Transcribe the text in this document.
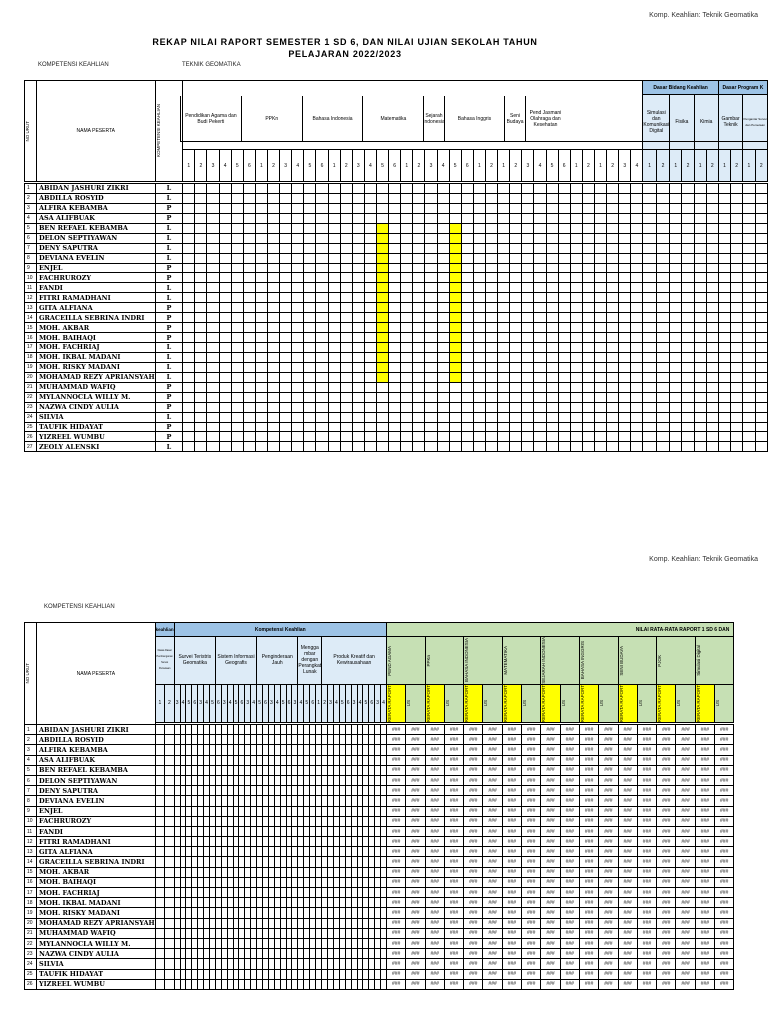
Komp. Keahlian: Teknik Geomatika
REKAP NILAI RAPORT SEMESTER 1 SD 6, DAN NILAI UJIAN SEKOLAH TAHUN PELAJARAN 2022/2023
KOMPETENSI KEAHLIAN	TEKNIK GEOMATIKA
NO URUT	NAMA PESERTA	KOMPETENSI KEAHLIAN																																							Dasar Bidang Keahlian						Dasar Program K			
																																									Simulasi dan Komunikasi Digital		Fisika		Kimia		Gambar Teknik		Pengantar Survei dan Pemetaan	
			1	2	3	4	5	6	1	2	3	4	5	6	1	2	3	4	5	6	1	2	3	4	5	6	1	2	1	2	3	4	5	6	1	2	1	2	3	4	1	2	1	2	1	2	1	2	1	2

1	ABIDAN JASHURI ZIKRI	L																																																
2	ABDILLA ROSYID	L																																																
3	ALFIRA KEBAMBA	P																																																
4	ASA ALIFBUAK	P																																																
5	BEN REFAEL KEBAMBA	L																																																
6	DELON SEPTIYAWAN	L																																																
7	DENY SAPUTRA	L																																																
8	DEVIANA EVELIN	L																																																
9	ENJEL	P																																																
10	FACHRUROZY	P																																																
11	FANDI	L																																																
12	FITRI RAMADHANI	L																																																
13	GITA ALFIANA	P																																																
14	GRACEILLA SEBRINA INDRI	P																																																
15	MOH. AKBAR	P																																																
16	MOH. BAIHAQI	P																																																
17	MOH. FACHRIAJ	L																																																
18	MOH. IKBAL MADANI	L																																																
19	MOH. RISKY MADANI	L																																																
20	MOHAMAD REZY APRIANSYAH	L																																																
21	MUHAMMAD WAFIQ	P																																																
22	MYLANNOCLA WILLY M.	P																																																
23	NAZWA CINDY AULIA	P																																																
24	SILVIA	L																																																
25	TAUFIK HIDAYAT	P																																																
26	YIZREEL WUMBU	P																																																
27	ZEOLY ALENSKI	L																																																
Pendidikan Agama dan Budi Pekerti	PPKn	Bahasa Indonesia	Matematika	Sejarah Indonesia	Bahasa Inggris	Seni Budaya
Pend Jasmani Olahraga dan Kesehatan
Komp. Keahlian: Teknik Geomatika
KOMPETENSI KEAHLIAN
NO URUT	NAMA PESERTA	keahlian		Kompetensi Keahlian																																				NILAI RATA-RATA RAPORT 1 SD 6 DAN																	
		Dasar-Dasar Pembangunan Survei Pemetaan		Survei Teristris Geomatika							Sistem Informasi Geografis							Penginderaan Jauh							Mengga mbar dengan Perangkat Lunak				Produk Kreatif dan Kewirausahaan											PEND AGAMA		PPKn		BAHASA INDONESIA		MATEMATIKA		SEJARAH INDONESIA		BAHASA INGGRIS		SENI BUDAYA		PJOK		Simulasi Digital	

		1	2	3	4	5	6	3	4	5	6	3	4	5	6	3	4	5	6	3	4	5	6	3	4	5	6	1	2	3	4	5	6	3	4	5	6	3	4	RERATA RAPORT	US	RERATA RAPORT	US	RERATA RAPORT	US	RERATA RAPORT	US	RERATA RAPORT	US	RERATA RAPORT	US	RERATA RAPORT	US	RERATA RAPORT	US	RERATA RAPORT	US

1	ABIDAN JASHURI ZIKRI																																							###	###	###	###	###	###	###	###	###	###	###	###	###	###	###	###	###	###
2	ABDILLA ROSYID																																							###	###	###	###	###	###	###	###	###	###	###	###	###	###	###	###	###	###
3	ALFIRA KEBAMBA																																							###	###	###	###	###	###	###	###	###	###	###	###	###	###	###	###	###	###
4	ASA ALIFBUAK																																							###	###	###	###	###	###	###	###	###	###	###	###	###	###	###	###	###	###
5	BEN REFAEL KEBAMBA																																							###	###	###	###	###	###	###	###	###	###	###	###	###	###	###	###	###	###
6	DELON SEPTIYAWAN																																							###	###	###	###	###	###	###	###	###	###	###	###	###	###	###	###	###	###
7	DENY SAPUTRA																																							###	###	###	###	###	###	###	###	###	###	###	###	###	###	###	###	###	###
8	DEVIANA EVELIN																																							###	###	###	###	###	###	###	###	###	###	###	###	###	###	###	###	###	###
9	ENJEL																																							###	###	###	###	###	###	###	###	###	###	###	###	###	###	###	###	###	###
10	FACHRUROZY																																							###	###	###	###	###	###	###	###	###	###	###	###	###	###	###	###	###	###
11	FANDI																																							###	###	###	###	###	###	###	###	###	###	###	###	###	###	###	###	###	###
12	FITRI RAMADHANI																																							###	###	###	###	###	###	###	###	###	###	###	###	###	###	###	###	###	###
13	GITA ALFIANA																																							###	###	###	###	###	###	###	###	###	###	###	###	###	###	###	###	###	###
14	GRACEILLA SEBRINA INDRI																																							###	###	###	###	###	###	###	###	###	###	###	###	###	###	###	###	###	###
15	MOH. AKBAR																																							###	###	###	###	###	###	###	###	###	###	###	###	###	###	###	###	###	###
16	MOH. BAIHAQI																																							###	###	###	###	###	###	###	###	###	###	###	###	###	###	###	###	###	###
17	MOH. FACHRIAJ																																							###	###	###	###	###	###	###	###	###	###	###	###	###	###	###	###	###	###
18	MOH. IKBAL MADANI																																							###	###	###	###	###	###	###	###	###	###	###	###	###	###	###	###	###	###
19	MOH. RISKY MADANI																																							###	###	###	###	###	###	###	###	###	###	###	###	###	###	###	###	###	###
20	MOHAMAD REZY APRIANSYAH																																							###	###	###	###	###	###	###	###	###	###	###	###	###	###	###	###	###	###
21	MUHAMMAD WAFIQ																																							###	###	###	###	###	###	###	###	###	###	###	###	###	###	###	###	###	###
22	MYLANNOCLA WILLY M.																																							###	###	###	###	###	###	###	###	###	###	###	###	###	###	###	###	###	###
23	NAZWA CINDY AULIA																																							###	###	###	###	###	###	###	###	###	###	###	###	###	###	###	###	###	###
24	SILVIA																																							###	###	###	###	###	###	###	###	###	###	###	###	###	###	###	###	###	###
25	TAUFIK HIDAYAT																																							###	###	###	###	###	###	###	###	###	###	###	###	###	###	###	###	###	###
26	YIZREEL WUMBU																																							###	###	###	###	###	###	###	###	###	###	###	###	###	###	###	###	###	###
